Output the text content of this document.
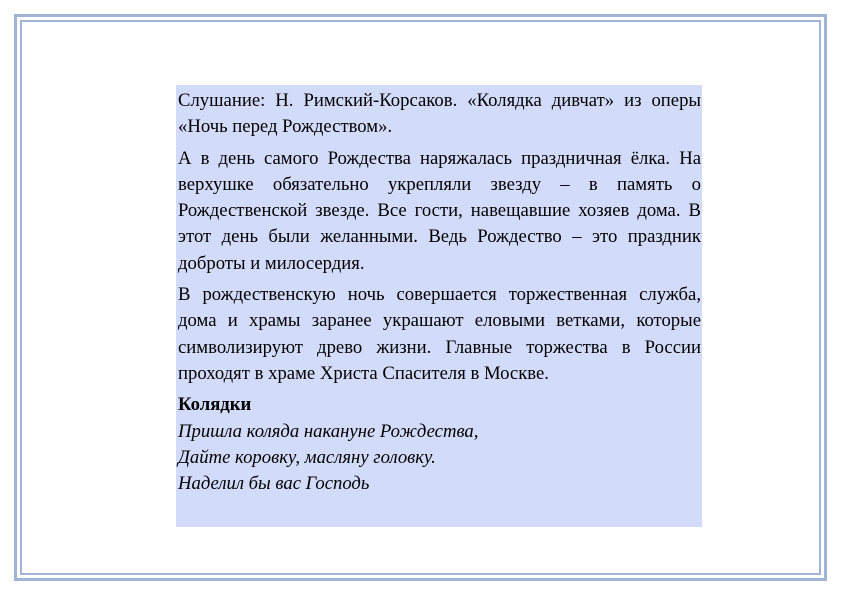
Слушание: Н. Римский-Корсаков. «Колядка дивчат» из оперы «Ночь перед Рождеством».

А в день самого Рождества наряжалась праздничная ёлка. На верхушке обязательно укрепляли звезду – в память о Рождественской звезде. Все гости, навещавшие хозяев дома. В этот день были желанными. Ведь Рождество – это праздник доброты и милосердия.

В рождественскую ночь совершается торжественная служба, дома и храмы заранее украшают еловыми ветками, которые символизируют древо жизни. Главные торжества в России проходят в храме Христа Спасителя в Москве.

Колядки

Пришла коляда накануне Рождества,

Дайте коровку, масляну головку.

Наделил бы вас Господь
